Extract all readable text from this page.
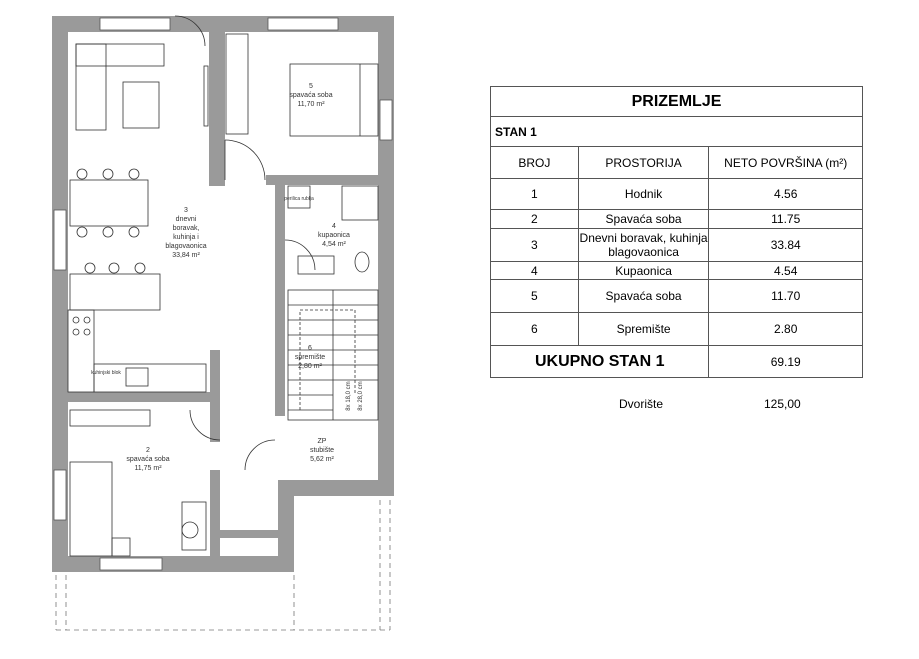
5
spavaća soba
11,70 m²
3
dnevni
boravak,
kuhinja i
blagovaonica
33,84 m²
4
kupaonica
4,54 m²
6
spremište
2,80 m²
2
spavaća soba
11,75 m²
ZP
stubište
5,62 m²
kuhinjski blok
perilica rublja
8x 18,0 cm 8x 28,0 cm
PRIZEMLJE		
STAN 1		
BROJ	PROSTORIJA	NETO POVRŠINA (m²)
1	Hodnik	4.56
2	Spavaća soba	11.75
3	Dnevni boravak, kuhinja blagovaonica	33.84
4	Kupaonica	4.54
5	Spavaća soba	11.70
6	Spremište	2.80
UKUPNO STAN 1		69.19
Dvorište	125,00
